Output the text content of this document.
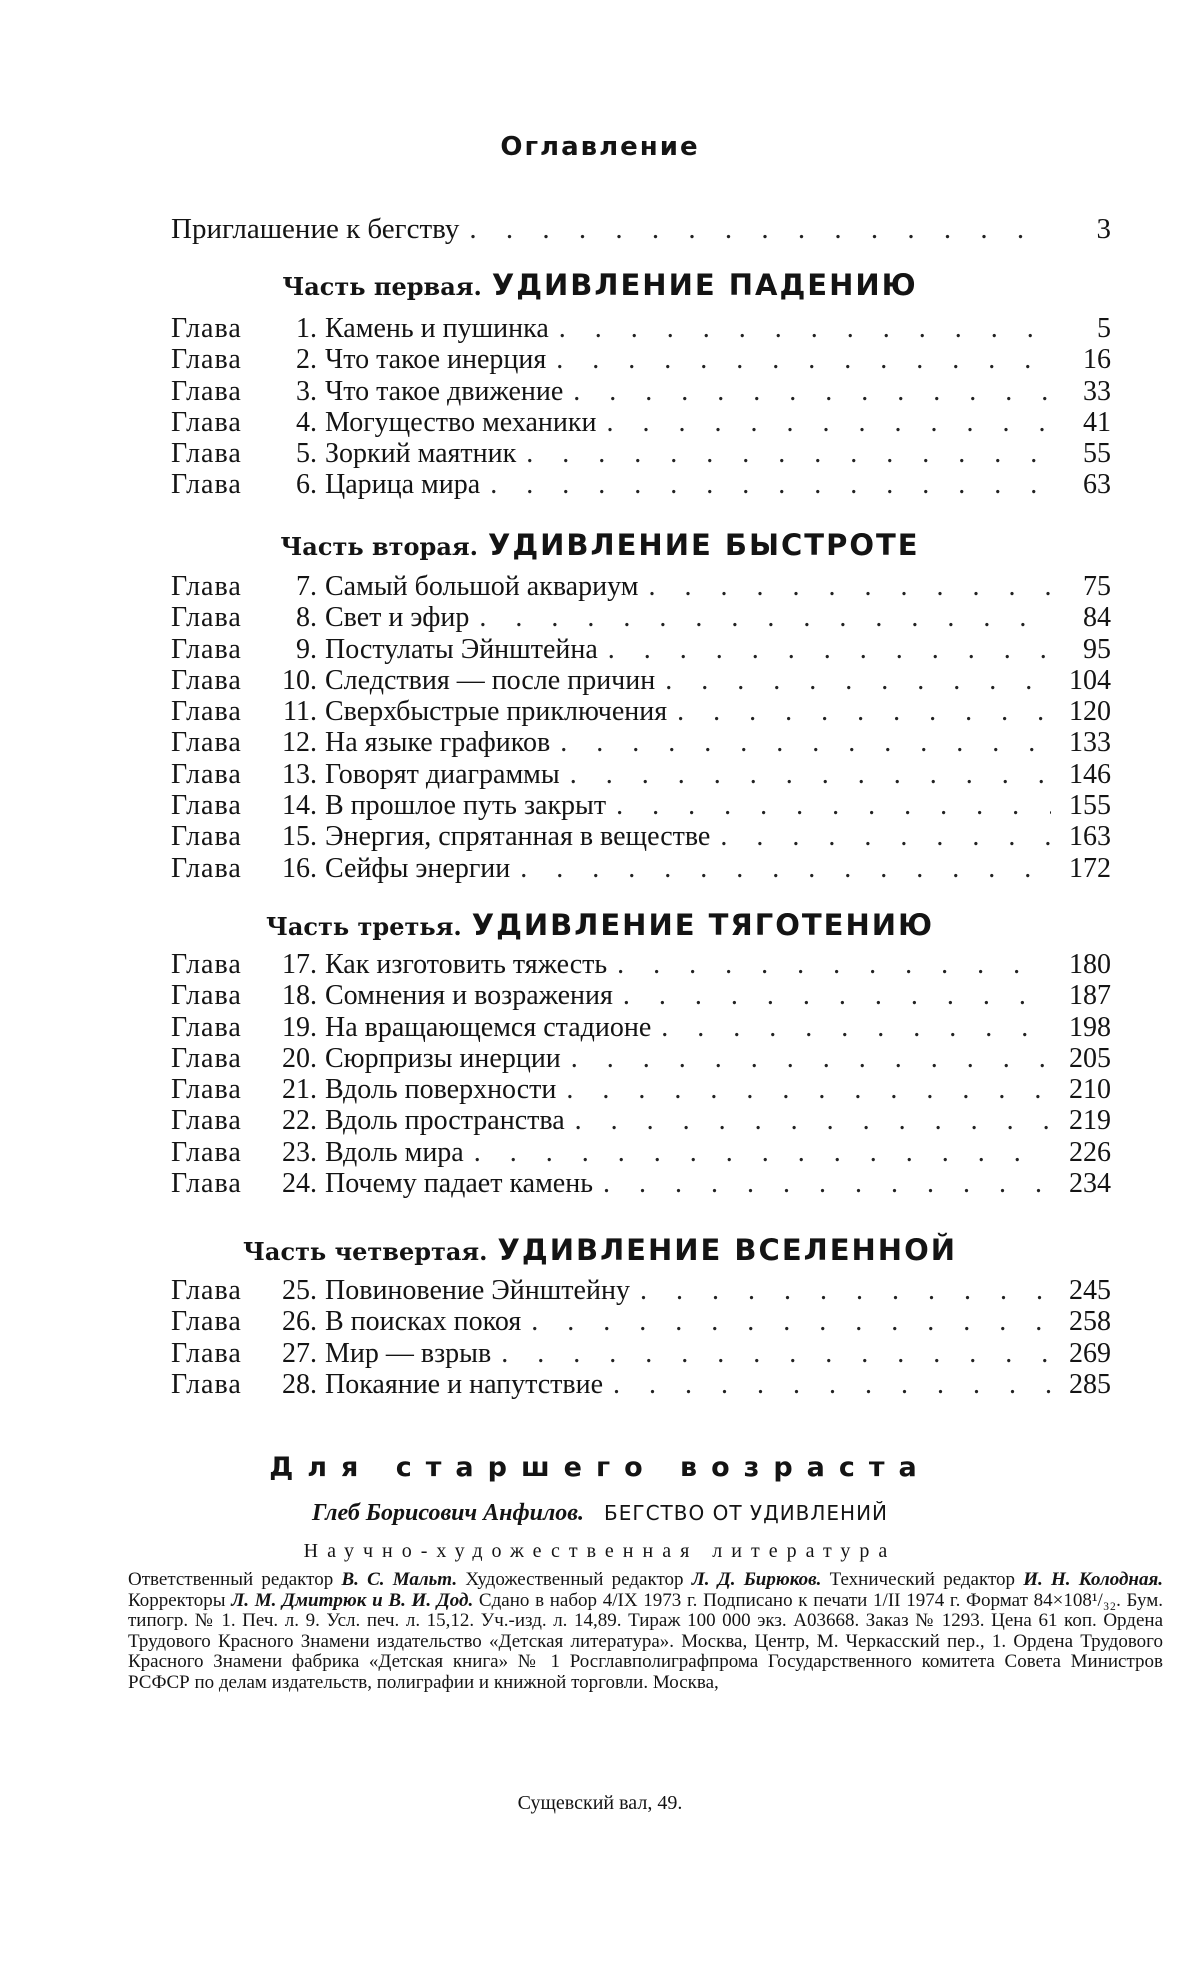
Оглавление
Приглашение к бегству . . .	3
Часть первая. УДИВЛЕНИЕ ПАДЕНИЮ
Глава	1. Камень и пушинка . . .	5
Глава	2. Что такое инерция . . .	16
Глава	3. Что такое движение . . .	33
Глава	4. Могущество механики . . .	41
Глава	5. Зоркий маятник . . .	55
Глава	6. Царица мира . . .	63
Часть вторая. УДИВЛЕНИЕ БЫСТРОТЕ
Глава	7. Самый большой аквариум . . .	75
Глава	8. Свет и эфир . . .	84
Глава	9. Постулаты Эйнштейна . . .	95
Глава	10. Следствия — после причин . . .	104
Глава	11. Сверхбыстрые приключения . . .	120
Глава	12. На языке графиков . . .	133
Глава	13. Говорят диаграммы . . .	146
Глава	14. В прошлое путь закрыт . . .	155
Глава	15. Энергия, спрятанная в веществе . . .	163
Глава	16. Сейфы энергии . . .	172
Часть третья. УДИВЛЕНИЕ ТЯГОТЕНИЮ
Глава	17. Как изготовить тяжесть . . .	180
Глава	18. Сомнения и возражения . . .	187
Глава	19. На вращающемся стадионе . . .	198
Глава	20. Сюрпризы инерции . . .	205
Глава	21. Вдоль поверхности . . .	210
Глава	22. Вдоль пространства . . .	219
Глава	23. Вдоль мира . . .	226
Глава	24. Почему падает камень . . .	234
Часть четвертая. УДИВЛЕНИЕ ВСЕЛЕННОЙ
Глава	25. Повиновение Эйнштейну . . .	245
Глава	26. В поисках покоя . . .	258
Глава	27. Мир — взрыв . . .	269
Глава	28. Покаяние и напутствие . . .	285
Для старшего возраста
Глеб Борисович Анфилов. БЕГСТВО ОТ УДИВЛЕНИЙ
Научно-художественная литература
Ответственный редактор В. С. Мальт. Художественный редактор Л. Д. Бирюков. Технический редактор И. Н. Колодная. Корректоры Л. М. Дмитрюк и В. И. Дод. Сдано в набор 4/IX 1973 г. Подписано к печати 1/II 1974 г. Формат 84×108¹/₃₂. Бум. типогр. № 1. Печ. л. 9. Усл. печ. л. 15,12. Уч.-изд. л. 14,89. Тираж 100 000 экз. А03668. Заказ № 1293. Цена 61 коп. Ордена Трудового Красного Знамени издательство «Детская литература». Москва, Центр, М. Черкасский пер., 1. Ордена Трудового Красного Знамени фабрика «Детская книга» № 1 Росглавполиграфпрома Государственного комитета Совета Министров РСФСР по делам издательств, полиграфии и книжной торговли. Москва,
Сущевский вал, 49.
